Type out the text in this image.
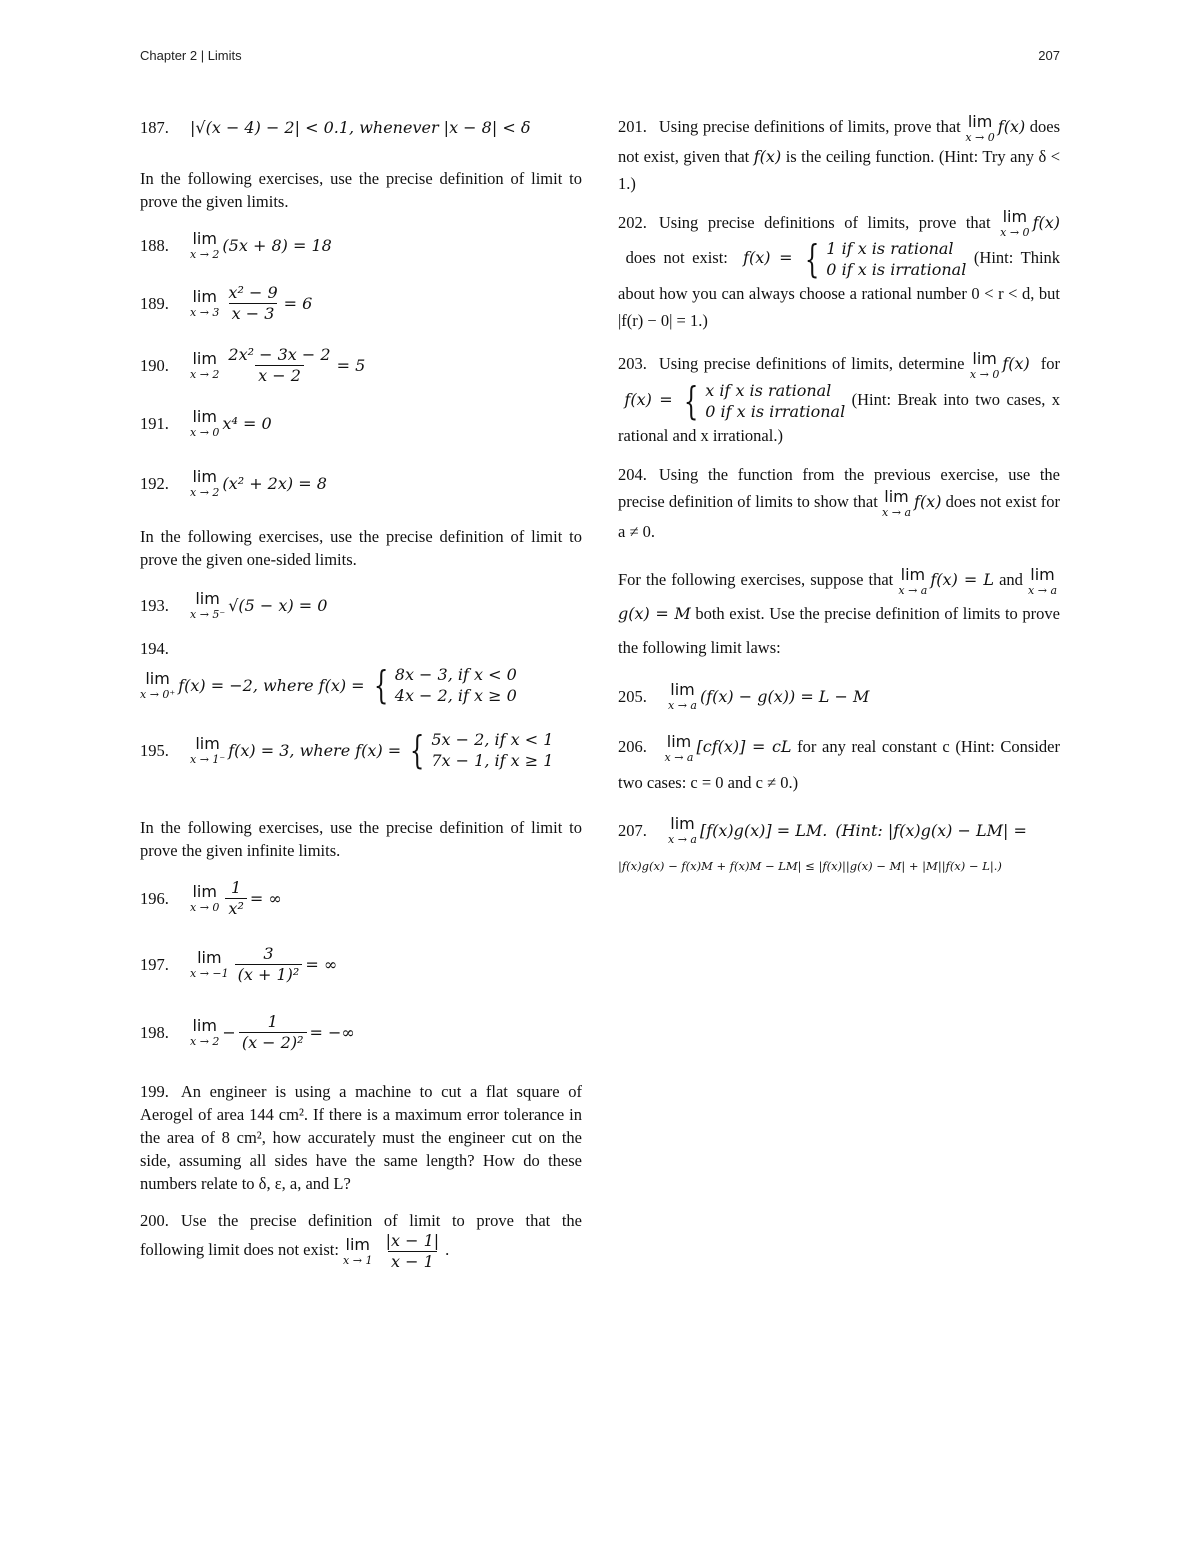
Chapter 2 | Limits	207
187.	|√(x − 4) − 2| < 0.1, whenever |x − 8| < δ

In the following exercises, use the precise definition of limit to prove the given limits.

188.	lim
x → 2 (5x + 8) = 18
189.	lim
$x \to 3 \frac{\text{x² − 9}}{x - 3} = 6$
190.	lim
$x \to 2 \frac{\text{2x² − 3x − 2}}{x - 2} = 5$
191.	lim
x → 0 x⁴ = 0
192.	lim
x → 2 (x² + 2x) = 8

In the following exercises, use the precise definition of limit to prove the given one-sided limits.

193.	lim
x → 5⁻ √(5 − x) = 0
194.
lim
x → 0⁺ f(x) = −2, where f(x) = { 8x − 3, if x < 0
4x − 2, if x ≥ 0
195.	lim
x → 1⁻ f(x) = 3, where f(x) = { 5x − 2, if x < 1
7x − 1, if x ≥ 1

In the following exercises, use the precise definition of limit to prove the given infinite limits.

196.	lim
$x \to 0 \frac{1}{\text{x²}}$ = ∞
197.	lim
$x \to -1 \frac{3}{\text{(x + 1)²}}$ = ∞
198.	lim
$x \to 2 - \frac{1}{\text{(x − 2)²}}$ = −∞

199. An engineer is using a machine to cut a flat square of Aerogel of area 144 cm². If there is a maximum error tolerance in the area of 8 cm², how accurately must the engineer cut on the side, assuming all sides have the same length? How do these numbers relate to δ, ε, a, and L?

200. Use the precise definition of limit to prove that the following limit does not exist: lim
x → 1
$\frac{|x - 1|}{x - 1}$ .

201. Using precise definitions of limits, prove that lim
x → 0
f(x) does not exist, given that f(x) is the ceiling function. (Hint: Try any δ < 1.)

202. Using precise definitions of limits, prove that lim
x → 0
f(x)  does not exist: f(x) = { 1 if x is rational
0 if x is irrational
(Hint: Think about how you can always choose a rational number 0 < r < d, but |f(r) − 0| = 1.)

203. Using precise definitions of limits, determine lim
x → 0
f(x) for  f(x) = { x if x is rational
0 if x is irrational
(Hint: Break into two cases, x rational and x irrational.)

204. Using the function from the previous exercise, use the precise definition of limits to show that lim
x → a
f(x) does not exist for a ≠ 0.

For the following exercises, suppose that lim
x → a
f(x) = L and lim
x → a
g(x) = M both exist. Use the precise definition of limits to prove the following limit laws:

205.	lim
x → a (f(x) − g(x)) = L − M

206. lim
x → a
[cf(x)] = cL for any real constant c (Hint: Consider two cases: c = 0 and c ≠ 0.)

207.	lim
x → a [f(x)g(x)] = LM. (Hint: |f(x)g(x) − LM| =
|f(x)g(x) − f(x)M + f(x)M − LM| ≤ |f(x)||g(x) − M| + |M||f(x) − L|.)
